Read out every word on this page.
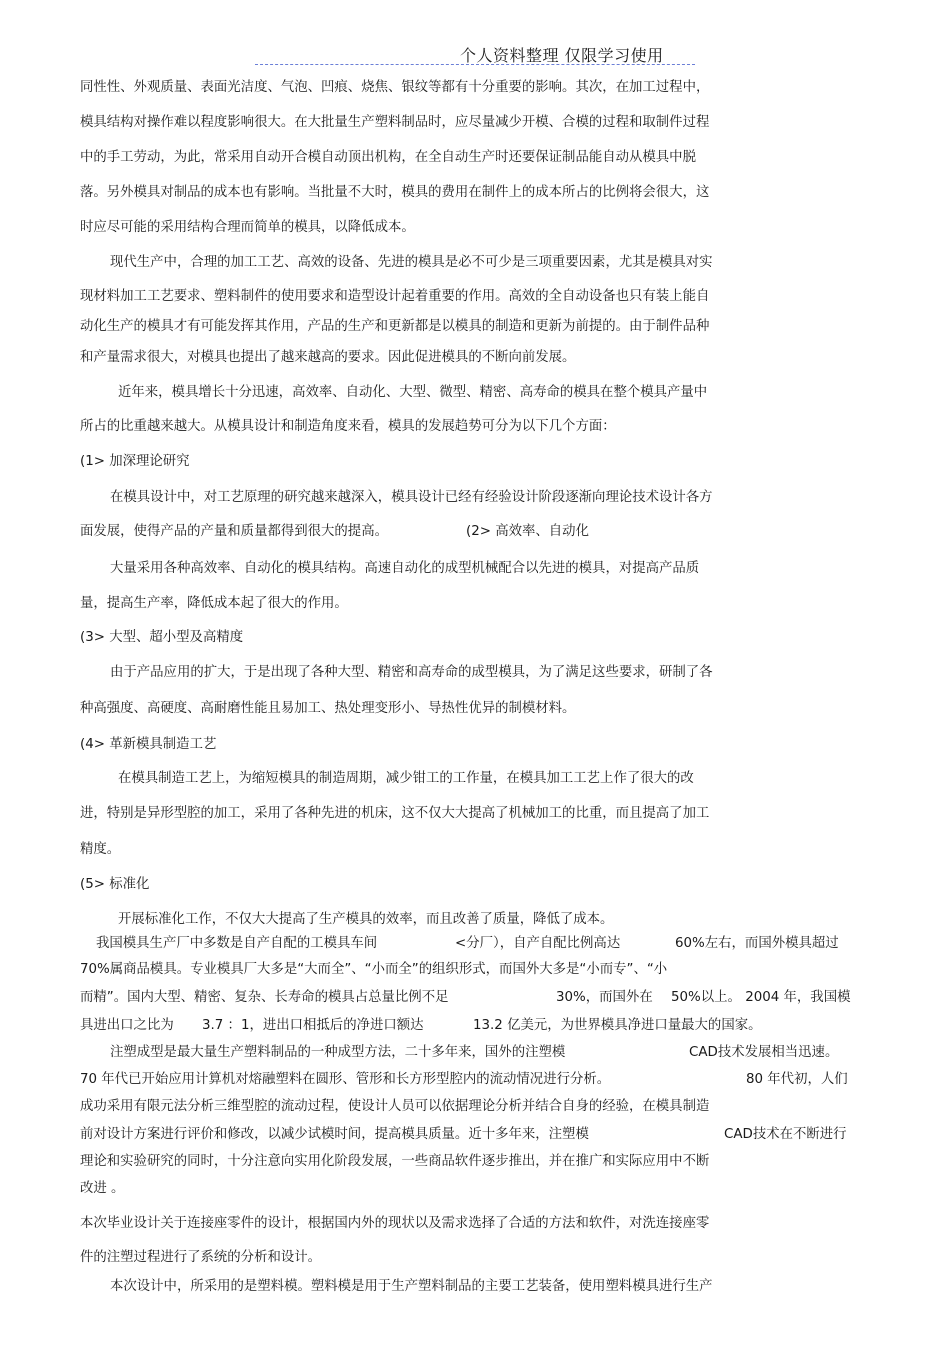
个人资料整理 仅限学习使用
同性性、外观质量、表面光洁度、气泡、凹痕、烧焦、银纹等都有十分重要的影响。其次，在加工过程中，
模具结构对操作难以程度影响很大。在大批量生产塑料制品时，应尽量减少开模、合模的过程和取制件过程
中的手工劳动，为此，常采用自动开合模自动顶出机构，在全自动生产时还要保证制品能自动从模具中脱
落。另外模具对制品的成本也有影响。当批量不大时，模具的费用在制件上的成本所占的比例将会很大，这
时应尽可能的采用结构合理而简单的模具，以降低成本。
现代生产中，合理的加工工艺、高效的设备、先进的模具是必不可少是三项重要因素，尤其是模具对实
现材料加工工艺要求、塑料制件的使用要求和造型设计起着重要的作用。高效的全自动设备也只有装上能自
动化生产的模具才有可能发挥其作用，产品的生产和更新都是以模具的制造和更新为前提的。由于制件品种
和产量需求很大，对模具也提出了越来越高的要求。因此促进模具的不断向前发展。
近年来，模具增长十分迅速，高效率、自动化、大型、微型、精密、高寿命的模具在整个模具产量中
所占的比重越来越大。从模具设计和制造角度来看，模具的发展趋势可分为以下几个方面：
(1> 加深理论研究
在模具设计中，对工艺原理的研究越来越深入，模具设计已经有经验设计阶段逐渐向理论技术设计各方
面发展，使得产品的产量和质量都得到很大的提高。	(2> 高效率、自动化
大量采用各种高效率、自动化的模具结构。高速自动化的成型机械配合以先进的模具，对提高产品质
量，提高生产率，降低成本起了很大的作用。
(3> 大型、超小型及高精度
由于产品应用的扩大，于是出现了各种大型、精密和高寿命的成型模具，为了满足这些要求，研制了各
种高强度、高硬度、高耐磨性能且易加工、热处理变形小、导热性优异的制模材料。
(4> 革新模具制造工艺
在模具制造工艺上，为缩短模具的制造周期，减少钳工的工作量，在模具加工工艺上作了很大的改
进，特别是异形型腔的加工，采用了各种先进的机床，这不仅大大提高了机械加工的比重，而且提高了加工
精度。
(5> 标准化
开展标准化工作，不仅大大提高了生产模具的效率，而且改善了质量，降低了成本。
我国模具生产厂中多数是自产自配的工模具车间	<分厂），自产自配比例高达	60%左右，而国外模具超过
70%属商品模具。专业模具厂大多是“大而全”、“小而全”的组织形式，而国外大多是“小而专”、“小
而精”。国内大型、精密、复杂、长寿命的模具占总量比例不足	30%，而国外在 50%以上。 2004 年，我国模
具进出口之比为 3.7 ：1，进出口相抵后的净进口额达	13.2 亿美元，为世界模具净进口量最大的国家。
注塑成型是最大量生产塑料制品的一种成型方法，二十多年来，国外的注塑模	CAD技术发展相当迅速。
70 年代已开始应用计算机对熔融塑料在圆形、管形和长方形型腔内的流动情况进行分析。	80 年代初，人们
成功采用有限元法分析三维型腔的流动过程，使设计人员可以依据理论分析并结合自身的经验，在模具制造
前对设计方案进行评价和修改，以减少试模时间，提高模具质量。近十多年来，注塑模	CAD技术在不断进行
理论和实验研究的同时，十分注意向实用化阶段发展，一些商品软件逐步推出，并在推广和实际应用中不断
改进 。
本次毕业设计关于连接座零件的设计，根据国内外的现状以及需求选择了合适的方法和软件，对洗连接座零
件的注塑过程进行了系统的分析和设计。
本次设计中，所采用的是塑料模。塑料模是用于生产塑料制品的主要工艺装备，使用塑料模具进行生产
